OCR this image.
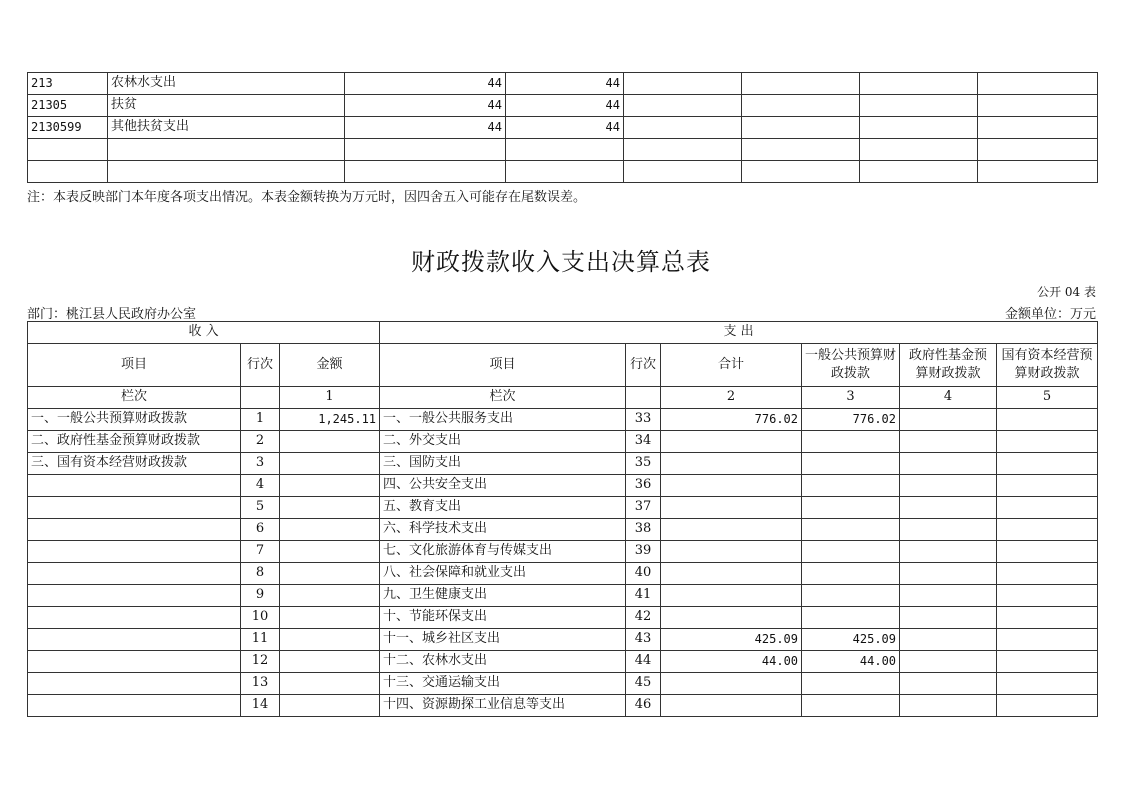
213	农林水支出	44	44				
21305	扶贫	44	44				
2130599	其他扶贫支出	44	44				

注：本表反映部门本年度各项支出情况。本表金额转换为万元时，因四舍五入可能存在尾数误差。
财政拨款收入支出决算总表
公开 04 表
部门：桃江县人民政府办公室	金额单位：万元
收 入			支 出					
项目	行次	金额	项目	行次	合计	一般公共预算财政拨款	政府性基金预算财政拨款	国有资本经营预算财政拨款
栏次		1	栏次		2	3	4	5
一、一般公共预算财政拨款	1	1,245.11	一、一般公共服务支出	33	776.02	776.02		
二、政府性基金预算财政拨款	2		二、外交支出	34				
三、国有资本经营财政拨款	3		三、国防支出	35				
	4		四、公共安全支出	36				
	5		五、教育支出	37				
	6		六、科学技术支出	38				
	7		七、文化旅游体育与传媒支出	39				
	8		八、社会保障和就业支出	40				
	9		九、卫生健康支出	41				
	10		十、节能环保支出	42				
	11		十一、城乡社区支出	43	425.09	425.09		
	12		十二、农林水支出	44	44.00	44.00		
	13		十三、交通运输支出	45				
	14		十四、资源勘探工业信息等支出	46				
